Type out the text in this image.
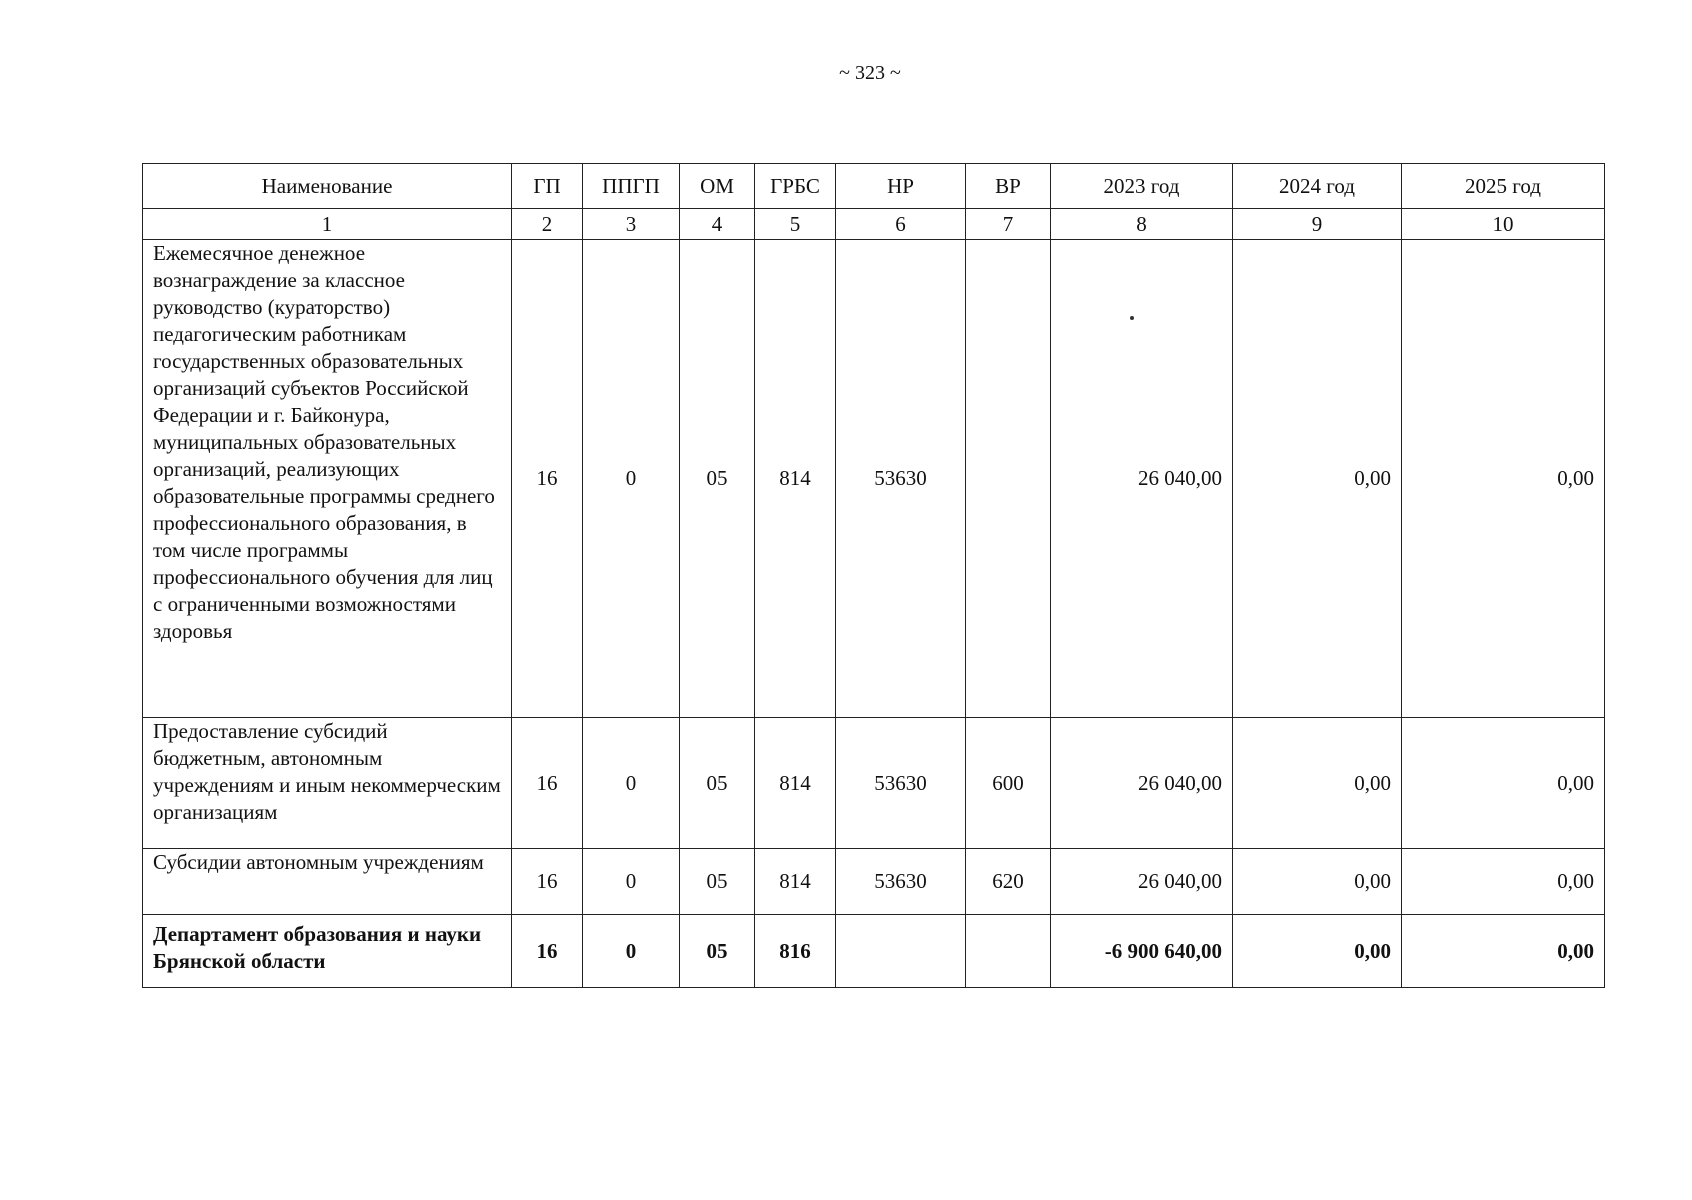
~ 323 ~
Наименование	ГП	ППГП	ОМ	ГРБС	НР	ВР	2023 год	2024 год	2025 год
1	2	3	4	5	6	7	8	9	10
Ежемесячное денежное вознаграждение за классное руководство (кураторство) педагогическим работникам государственных образовательных организаций субъектов Российской Федерации и г. Байконура, муниципальных образовательных организаций, реализующих образовательные программы среднего профессионального образования, в том числе программы профессионального обучения для лиц с ограниченными возможностями здоровья	16	0	05	814	53630		26 040,00	0,00	0,00
Предоставление субсидий бюджетным, автономным учреждениям и иным некоммерческим организациям	16	0	05	814	53630	600	26 040,00	0,00	0,00
Субсидии автономным учреждениям	16	0	05	814	53630	620	26 040,00	0,00	0,00
Департамент образования и науки Брянской области	16	0	05	816			-6 900 640,00	0,00	0,00
